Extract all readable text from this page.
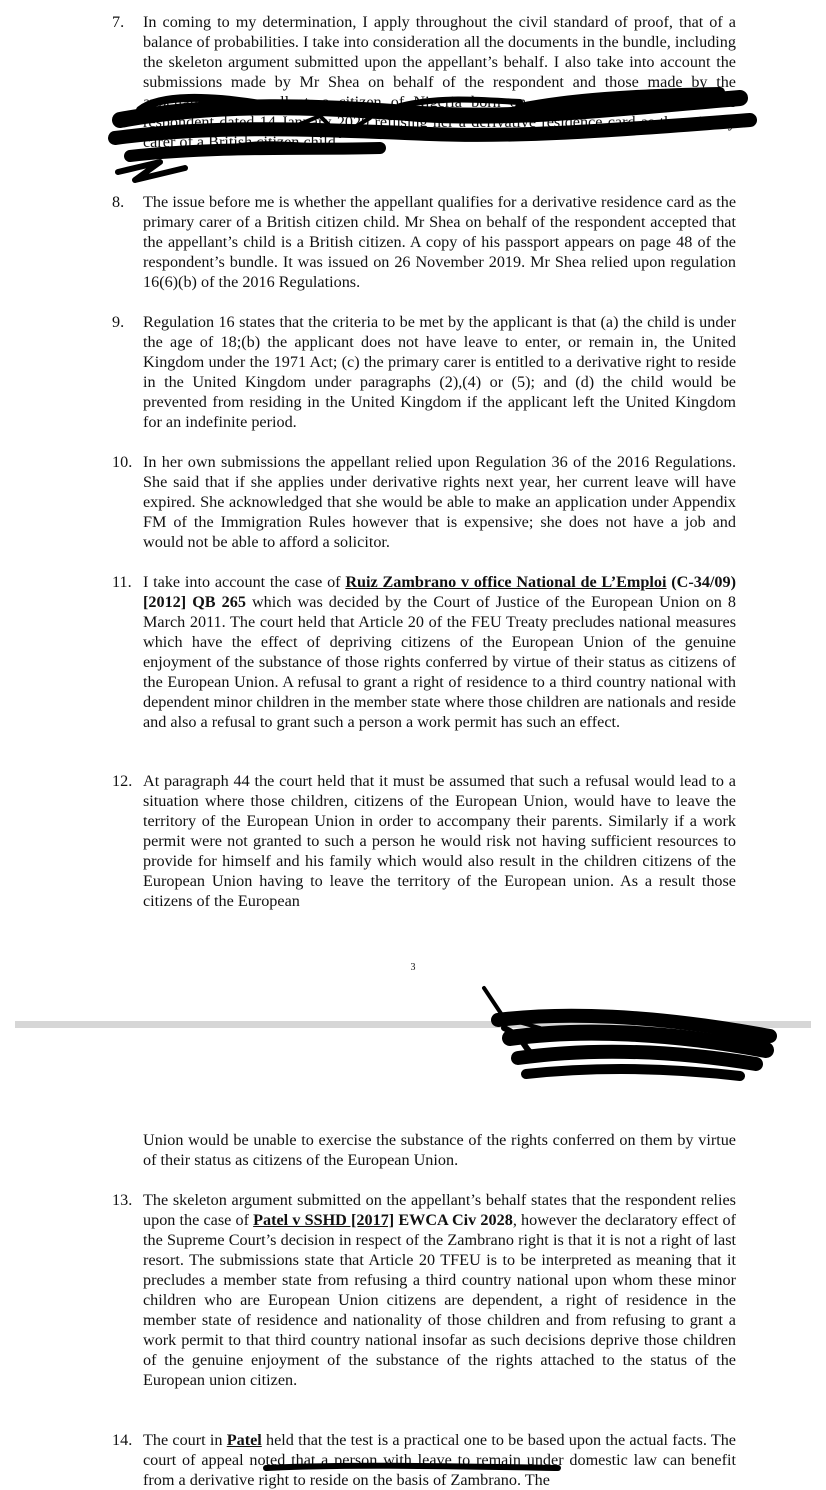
7. In coming to my determination, I apply throughout the civil standard of proof, that of a balance of probabilities. I take into consideration all the documents in the bundle, including the skeleton argument submitted upon the appellant’s behalf. I also take into account the submissions made by Mr Shea on behalf of the respondent and those made by the appellant. The appellant, a citizen of Nigeria born on ___, appeals decision of the respondent dated 14 January 2020 refusing her a derivative residence card as the primary carer of a British citizen child.
8. The issue before me is whether the appellant qualifies for a derivative residence card as the primary carer of a British citizen child. Mr Shea on behalf of the respondent accepted that the appellant’s child is a British citizen. A copy of his passport appears on page 48 of the respondent’s bundle. It was issued on 26 November 2019. Mr Shea relied upon regulation 16(6)(b) of the 2016 Regulations.
9. Regulation 16 states that the criteria to be met by the applicant is that (a) the child is under the age of 18;(b) the applicant does not have leave to enter, or remain in, the United Kingdom under the 1971 Act; (c) the primary carer is entitled to a derivative right to reside in the United Kingdom under paragraphs (2),(4) or (5); and (d) the child would be prevented from residing in the United Kingdom if the applicant left the United Kingdom for an indefinite period.
10. In her own submissions the appellant relied upon Regulation 36 of the 2016 Regulations. She said that if she applies under derivative rights next year, her current leave will have expired. She acknowledged that she would be able to make an application under Appendix FM of the Immigration Rules however that is expensive; she does not have a job and would not be able to afford a solicitor.
11. I take into account the case of Ruiz Zambrano v office National de L’Emploi (C-34/09)[2012] QB 265 which was decided by the Court of Justice of the European Union on 8 March 2011. The court held that Article 20 of the FEU Treaty precludes national measures which have the effect of depriving citizens of the European Union of the genuine enjoyment of the substance of those rights conferred by virtue of their status as citizens of the European Union. A refusal to grant a right of residence to a third country national with dependent minor children in the member state where those children are nationals and reside and also a refusal to grant such a person a work permit has such an effect.
12. At paragraph 44 the court held that it must be assumed that such a refusal would lead to a situation where those children, citizens of the European Union, would have to leave the territory of the European Union in order to accompany their parents. Similarly if a work permit were not granted to such a person he would risk not having sufficient resources to provide for himself and his family which would also result in the children citizens of the European Union having to leave the territory of the European union. As a result those citizens of the European
3
Union would be unable to exercise the substance of the rights conferred on them by virtue of their status as citizens of the European Union.
13. The skeleton argument submitted on the appellant’s behalf states that the respondent relies upon the case of Patel v SSHD [2017] EWCA Civ 2028, however the declaratory effect of the Supreme Court’s decision in respect of the Zambrano right is that it is not a right of last resort. The submissions state that Article 20 TFEU is to be interpreted as meaning that it precludes a member state from refusing a third country national upon whom these minor children who are European Union citizens are dependent, a right of residence in the member state of residence and nationality of those children and from refusing to grant a work permit to that third country national insofar as such decisions deprive those children of the genuine enjoyment of the substance of the rights attached to the status of the European union citizen.
14. The court in Patel held that the test is a practical one to be based upon the actual facts. The court of appeal noted that a person with leave to remain under domestic law can benefit from a derivative right to reside on the basis of Zambrano. The
